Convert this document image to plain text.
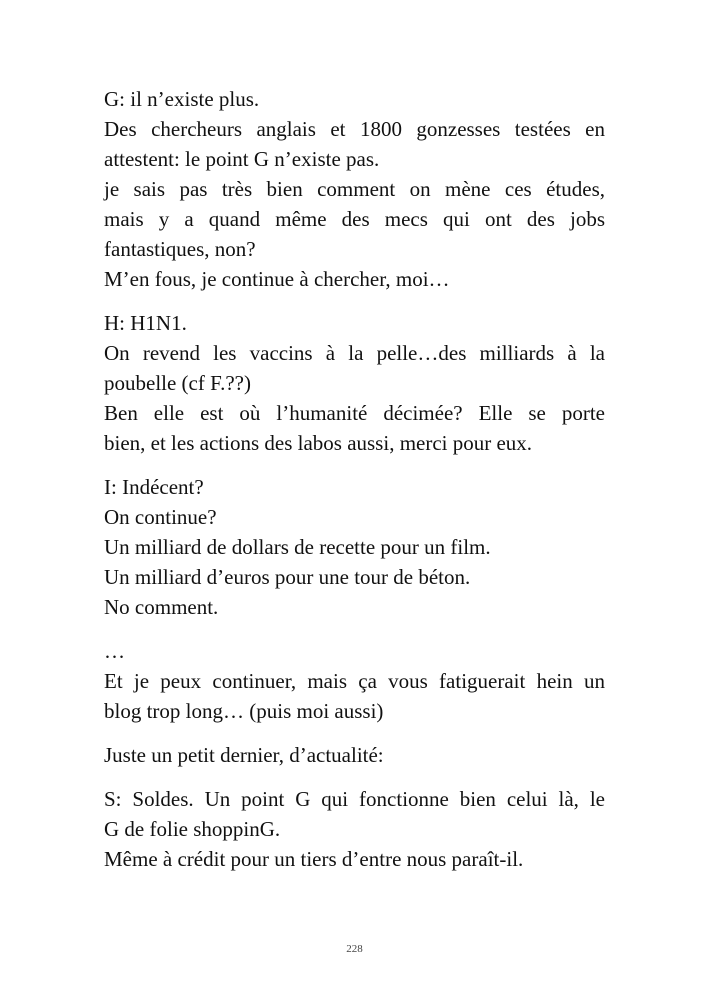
G: il n’existe plus.
Des chercheurs anglais et 1800 gonzesses testées en
attestent: le point G n’existe pas.
je sais pas très bien comment on mène ces études,
mais y a quand même des mecs qui ont des jobs
fantastiques, non?
M’en fous, je continue à chercher, moi…
H: H1N1.
On revend les vaccins à la pelle…des milliards à la
poubelle (cf F.??)
Ben elle est où l’humanité décimée? Elle se porte
bien, et les actions des labos aussi, merci pour eux.
I: Indécent?
On continue?
Un milliard de dollars de recette pour un film.
Un milliard d’euros pour une tour de béton.
No comment.
…
Et je peux continuer, mais ça vous fatiguerait hein un
blog trop long… (puis moi aussi)
Juste un petit dernier, d’actualité:
S: Soldes. Un point G qui fonctionne bien celui là, le
G de folie shoppinG.
Même à crédit pour un tiers d’entre nous paraît-il.
228
